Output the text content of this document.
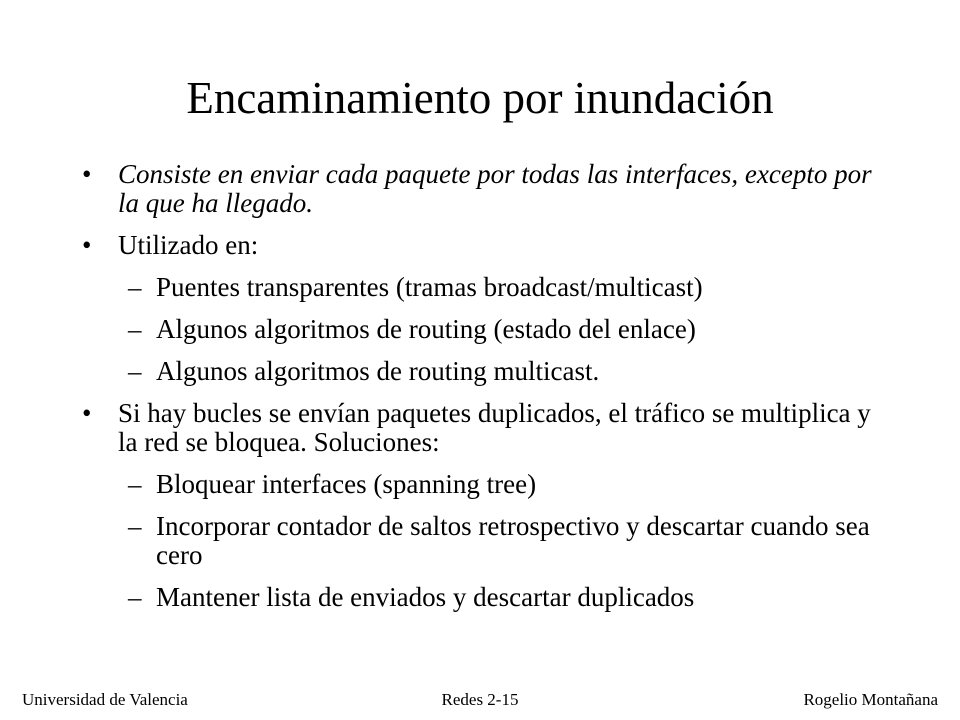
Encaminamiento por inundación
• Consiste en enviar cada paquete por todas las interfaces, excepto por la que ha llegado.
• Utilizado en:
– Puentes transparentes (tramas broadcast/multicast)
– Algunos algoritmos de routing (estado del enlace)
– Algunos algoritmos de routing multicast.
• Si hay bucles se envían paquetes duplicados, el tráfico se multiplica y la red se bloquea. Soluciones:
– Bloquear interfaces (spanning tree)
– Incorporar contador de saltos retrospectivo y descartar cuando sea cero
– Mantener lista de enviados y descartar duplicados
Redes 2-15
Universidad de Valencia	Rogelio Montañana
